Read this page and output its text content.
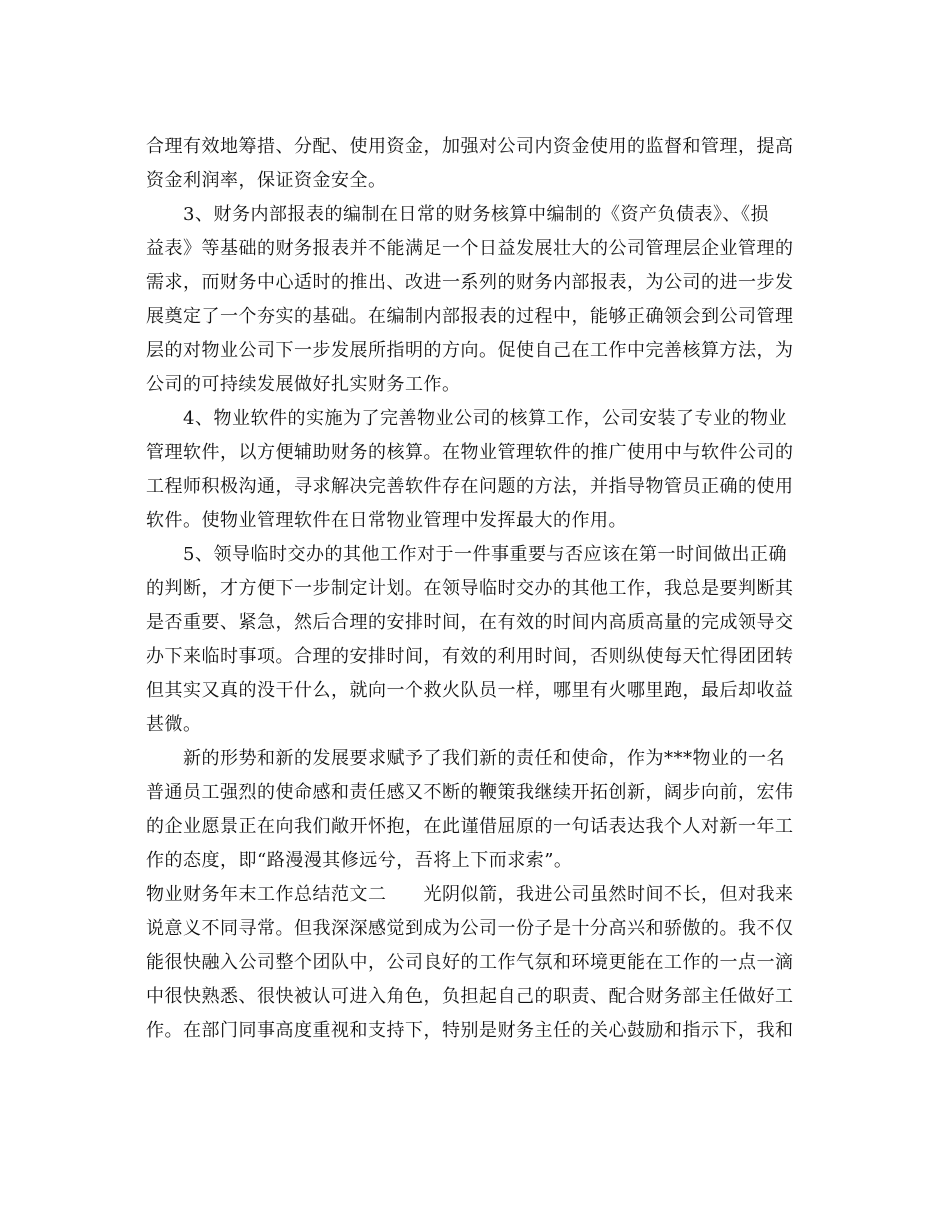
合理有效地筹措、分配、使用资金，加强对公司内资金使用的监督和管理，提高
资金利润率，保证资金安全。
　　3、财务内部报表的编制在日常的财务核算中编制的《资产负债表》、《损
益表》等基础的财务报表并不能满足一个日益发展壮大的公司管理层企业管理的
需求，而财务中心适时的推出、改进一系列的财务内部报表，为公司的进一步发
展奠定了一个夯实的基础。在编制内部报表的过程中，能够正确领会到公司管理
层的对物业公司下一步发展所指明的方向。促使自己在工作中完善核算方法，为
公司的可持续发展做好扎实财务工作。
　　4、物业软件的实施为了完善物业公司的核算工作，公司安装了专业的物业
管理软件，以方便辅助财务的核算。在物业管理软件的推广使用中与软件公司的
工程师积极沟通，寻求解决完善软件存在问题的方法，并指导物管员正确的使用
软件。使物业管理软件在日常物业管理中发挥最大的作用。
　　5、领导临时交办的其他工作对于一件事重要与否应该在第一时间做出正确
的判断，才方便下一步制定计划。在领导临时交办的其他工作，我总是要判断其
是否重要、紧急，然后合理的安排时间，在有效的时间内高质高量的完成领导交
办下来临时事项。合理的安排时间，有效的利用时间，否则纵使每天忙得团团转
但其实又真的没干什么，就向一个救火队员一样，哪里有火哪里跑，最后却收益
甚微。
　　新的形势和新的发展要求赋予了我们新的责任和使命，作为***物业的一名
普通员工强烈的使命感和责任感又不断的鞭策我继续开拓创新，阔步向前，宏伟
的企业愿景正在向我们敞开怀抱，在此谨借屈原的一句话表达我个人对新一年工
作的态度，即“路漫漫其修远兮，吾将上下而求索”。
物业财务年末工作总结范文二　　光阴似箭，我进公司虽然时间不长，但对我来
说意义不同寻常。但我深深感觉到成为公司一份子是十分高兴和骄傲的。我不仅
能很快融入公司整个团队中，公司良好的工作气氛和环境更能在工作的一点一滴
中很快熟悉、很快被认可进入角色，负担起自己的职责、配合财务部主任做好工
作。在部门同事高度重视和支持下，特别是财务主任的关心鼓励和指示下，我和
